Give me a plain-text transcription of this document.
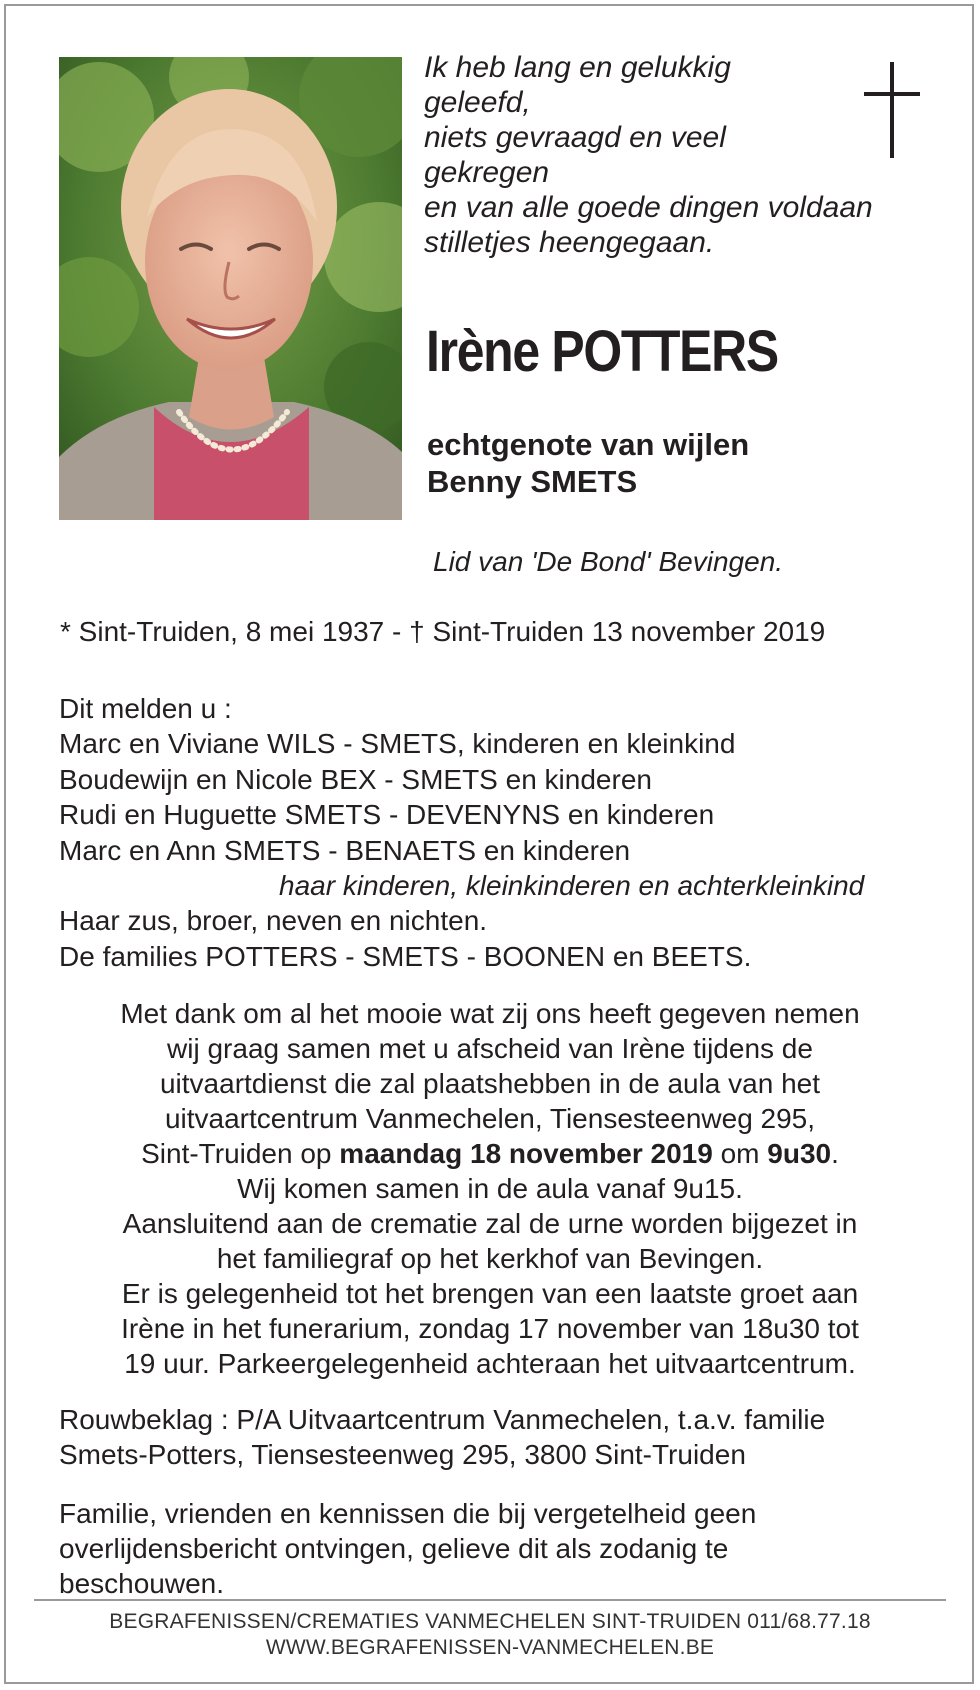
Ik heb lang en gelukkig
geleefd,
niets gevraagd en veel
gekregen
en van alle goede dingen voldaan
stilletjes heengegaan.
Irène POTTERS
echtgenote van wijlen
Benny SMETS
Lid van 'De Bond' Bevingen.
* Sint-Truiden, 8 mei 1937 - † Sint-Truiden 13 november 2019
Dit melden u :
Marc en Viviane WILS - SMETS, kinderen en kleinkind
Boudewijn en Nicole BEX - SMETS en kinderen
Rudi en Huguette SMETS - DEVENYNS en kinderen
Marc en Ann SMETS - BENAETS en kinderen
haar kinderen, kleinkinderen en achterkleinkind
Haar zus, broer, neven en nichten.
De families POTTERS - SMETS - BOONEN en BEETS.
Met dank om al het mooie wat zij ons heeft gegeven nemen
wij graag samen met u afscheid van Irène tijdens de
uitvaartdienst die zal plaatshebben in de aula van het
uitvaartcentrum Vanmechelen, Tiensesteenweg 295,
Sint-Truiden op maandag 18 november 2019 om 9u30.
Wij komen samen in de aula vanaf 9u15.
Aansluitend aan de crematie zal de urne worden bijgezet in
het familiegraf op het kerkhof van Bevingen.
Er is gelegenheid tot het brengen van een laatste groet aan
Irène in het funerarium, zondag 17 november van 18u30 tot
19 uur. Parkeergelegenheid achteraan het uitvaartcentrum.
Rouwbeklag : P/A Uitvaartcentrum Vanmechelen, t.a.v. familie
Smets-Potters, Tiensesteenweg 295, 3800 Sint-Truiden
Familie, vrienden en kennissen die bij vergetelheid geen
overlijdensbericht ontvingen, gelieve dit als zodanig te
beschouwen.
BEGRAFENISSEN/CREMATIES VANMECHELEN SINT-TRUIDEN 011/68.77.18
WWW.BEGRAFENISSEN-VANMECHELEN.BE
